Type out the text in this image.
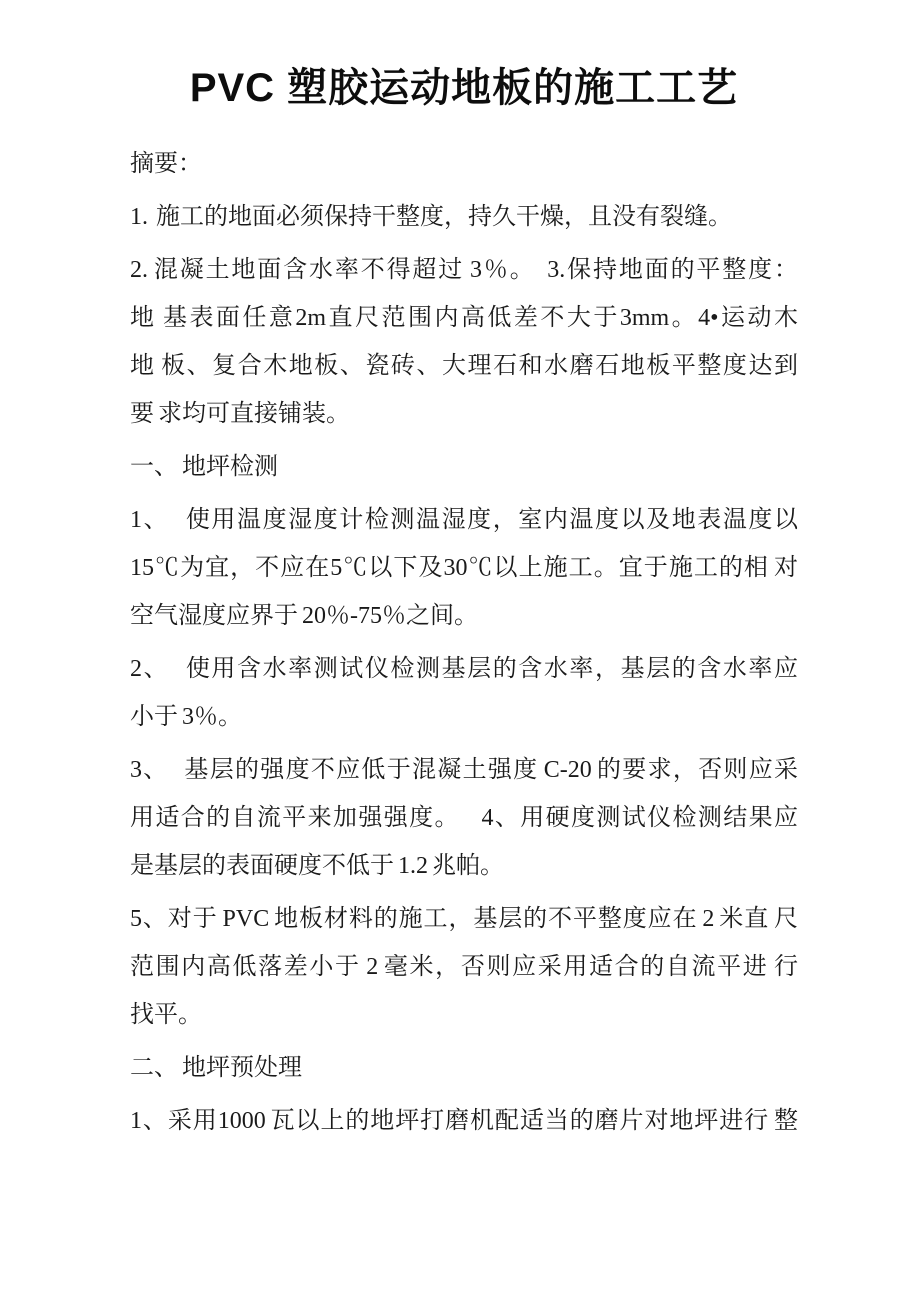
PVC 塑胶运动地板的施工工艺
摘要：
1.  施工的地面必须保持干整度，持久干燥，且没有裂缝。
2. 混凝土地面含水率不得超过 3％。  3.保持地面的平整度：
地 基表面任意2m直尺范围内高低差不大于3mm。4•运动木
地 板、复合木地板、瓷砖、大理石和水磨石地板平整度达到
要 求均可直接铺装。
一、 地坪检测
1、   使用温度湿度计检测温湿度，室内温度以及地表温度以
15℃为宜，不应在5℃以下及30℃以上施工。宜于施工的相 对
空气湿度应界于 20％-75％之间。
2、   使用含水率测试仪检测基层的含水率，基层的含水率应
小于 3％。
3、   基层的强度不应低于混凝土强度 C-20 的要求，否则应采
用适合的自流平来加强强度。    4、用硬度测试仪检测结果应
是基层的表面硬度不低于 1.2 兆帕。
5、对于 PVC 地板材料的施工，基层的不平整度应在 2 米直 尺
范围内高低落差小于 2 毫米，否则应采用适合的自流平进 行
找平。
二、 地坪预处理
1、采用1000 瓦以上的地坪打磨机配适当的磨片对地坪进行 整
